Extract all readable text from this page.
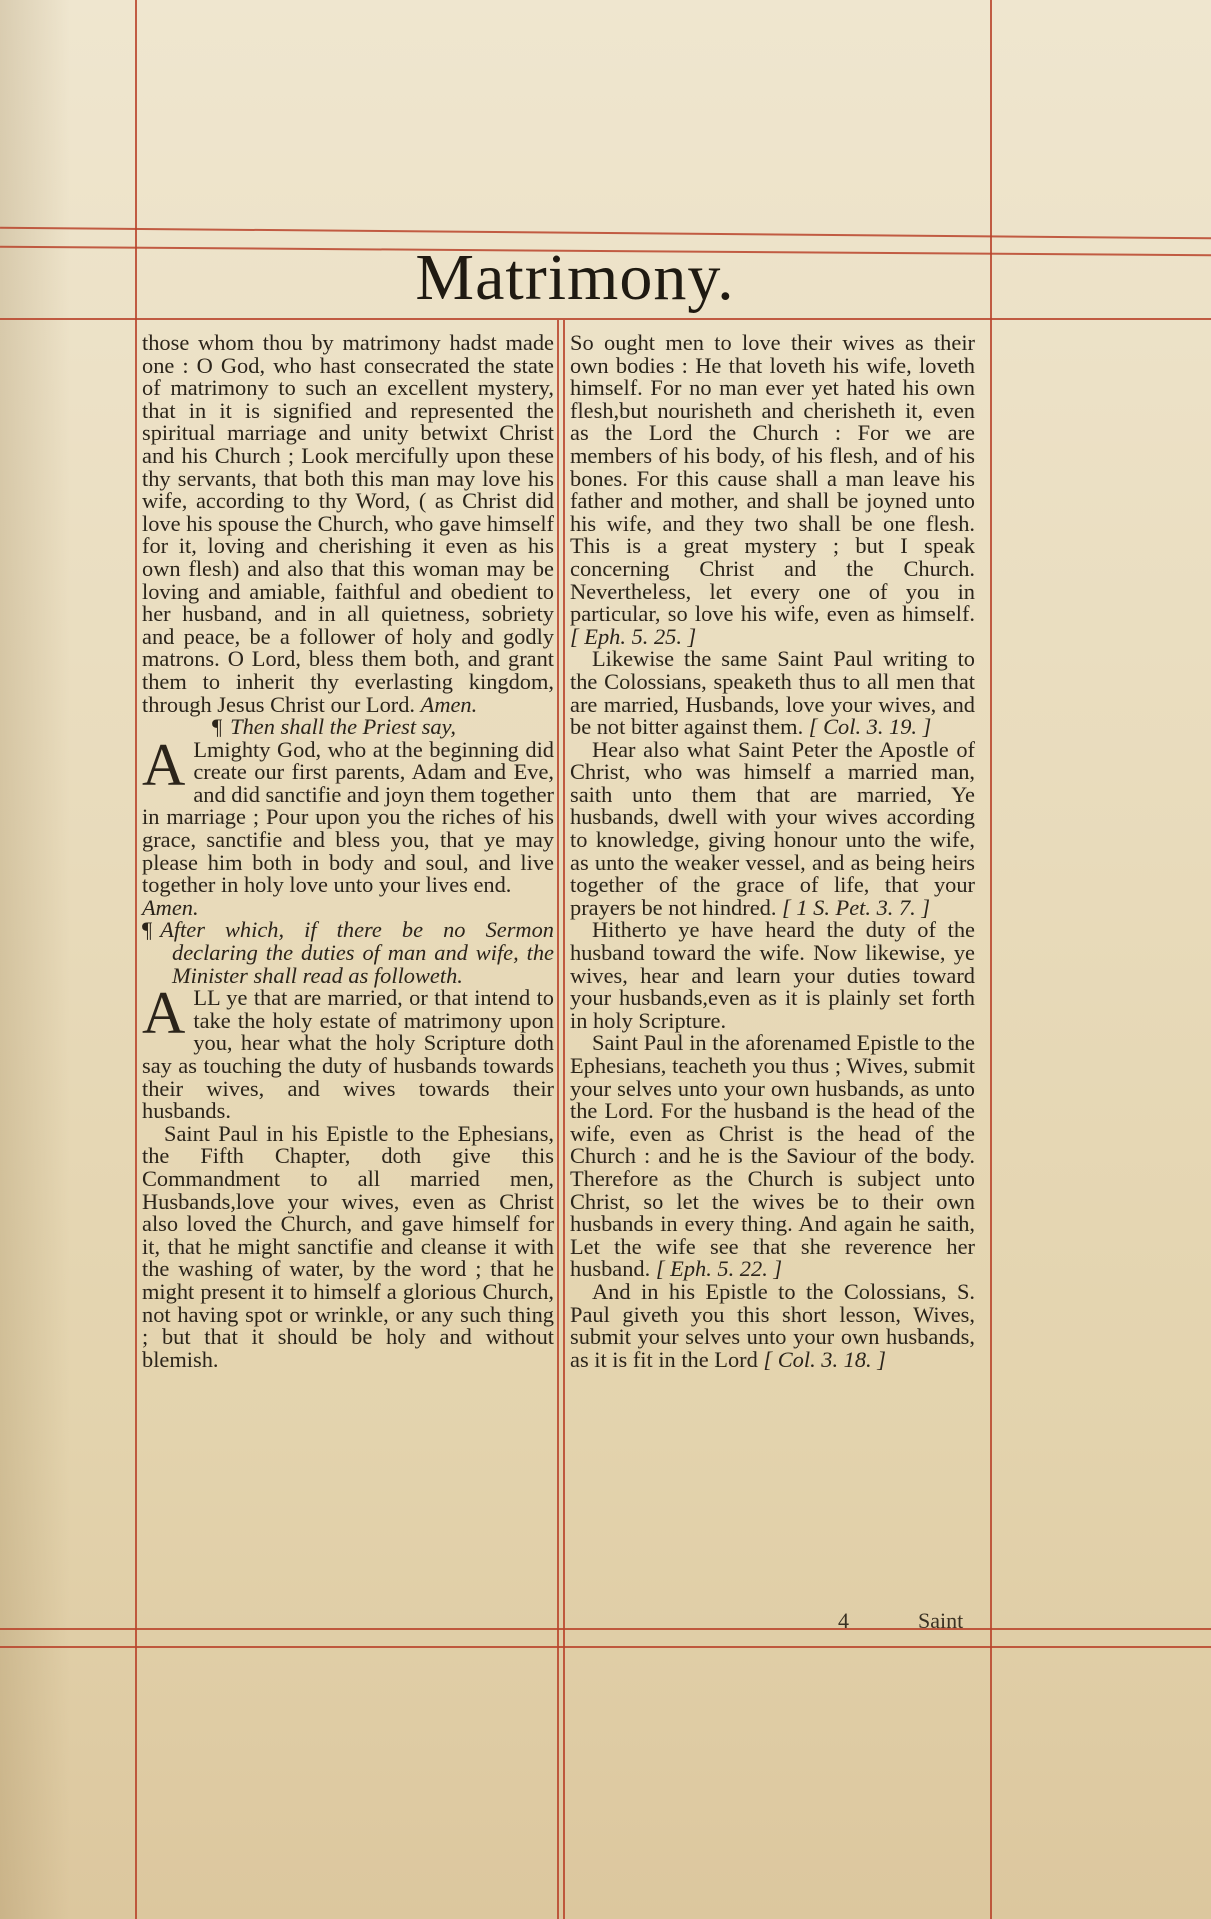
Matrimony.

those whom thou by matrimony hadst made one : O God, who hast consecrated the state of matrimony to such an excellent mystery, that in it is signified and represented the spiritual marriage and unity betwixt Christ and his Church ; Look mercifully upon these thy servants, that both this man may love his wife, according to thy Word, ( as Christ did love his spouse the Church, who gave himself for it, loving and cherishing it even as his own flesh) and also that this woman may be loving and amiable, faithful and obedient to her husband, and in all quietness, sobriety and peace, be a follower of holy and godly matrons. O Lord, bless them both, and grant them to inherit thy everlasting kingdom, through Jesus Christ our Lord. Amen.

¶ Then shall the Priest say,

A Lmighty God, who at the beginning did create our first parents, Adam and Eve, and did sanctifie and joyn them together in marriage ; Pour upon you the riches of his grace, sanctifie and bless you, that ye may please him both in body and soul, and live together in holy love unto your lives end.

Amen.

¶ After which, if there be no Sermon declaring the duties of man and wife, the Minister shall read as followeth.

ALL ye that are married, or that intend to take the holy estate of matrimony upon you, hear what the holy Scripture doth say as touching the duty of husbands towards their wives, and wives towards their husbands.

Saint Paul in his Epistle to the Ephesians, the Fifth Chapter, doth give this Commandment to all married men, Husbands,love your wives, even as Christ also loved the Church, and gave himself for it, that he might sanctifie and cleanse it with the washing of water, by the word ; that he might present it to himself a glorious Church, not having spot or wrinkle, or any such thing ; but that it should be holy and without blemish.

So ought men to love their wives as their own bodies : He that loveth his wife, loveth himself. For no man ever yet hated his own flesh,but nourisheth and cherisheth it, even as the Lord the Church : For we are members of his body, of his flesh, and of his bones. For this cause shall a man leave his father and mother, and shall be joyned unto his wife, and they two shall be one flesh. This is a great mystery ; but I speak concerning Christ and the Church. Nevertheless, let every one of you in particular, so love his wife, even as himself. [ Eph. 5. 25. ]

Likewise the same Saint Paul writing to the Colossians, speaketh thus to all men that are married, Husbands, love your wives, and be not bitter against them. [ Col. 3. 19. ]

Hear also what Saint Peter the Apostle of Christ, who was himself a married man, saith unto them that are married, Ye husbands, dwell with your wives according to knowledge, giving honour unto the wife, as unto the weaker vessel, and as being heirs together of the grace of life, that your prayers be not hindred. [ 1 S. Pet. 3. 7. ]

Hitherto ye have heard the duty of the husband toward the wife. Now likewise, ye wives, hear and learn your duties toward your husbands,even as it is plainly set forth in holy Scripture.

Saint Paul in the aforenamed Epistle to the Ephesians, teacheth you thus ; Wives, submit your selves unto your own husbands, as unto the Lord. For the husband is the head of the wife, even as Christ is the head of the Church : and he is the Saviour of the body. Therefore as the Church is subject unto Christ, so let the wives be to their own husbands in every thing. And again he saith, Let the wife see that she reverence her husband. [ Eph. 5. 22. ]

And in his Epistle to the Colossians, S. Paul giveth you this short lesson, Wives, submit your selves unto your own husbands, as it is fit in the Lord [ Col. 3. 18. ]

4	Saint
